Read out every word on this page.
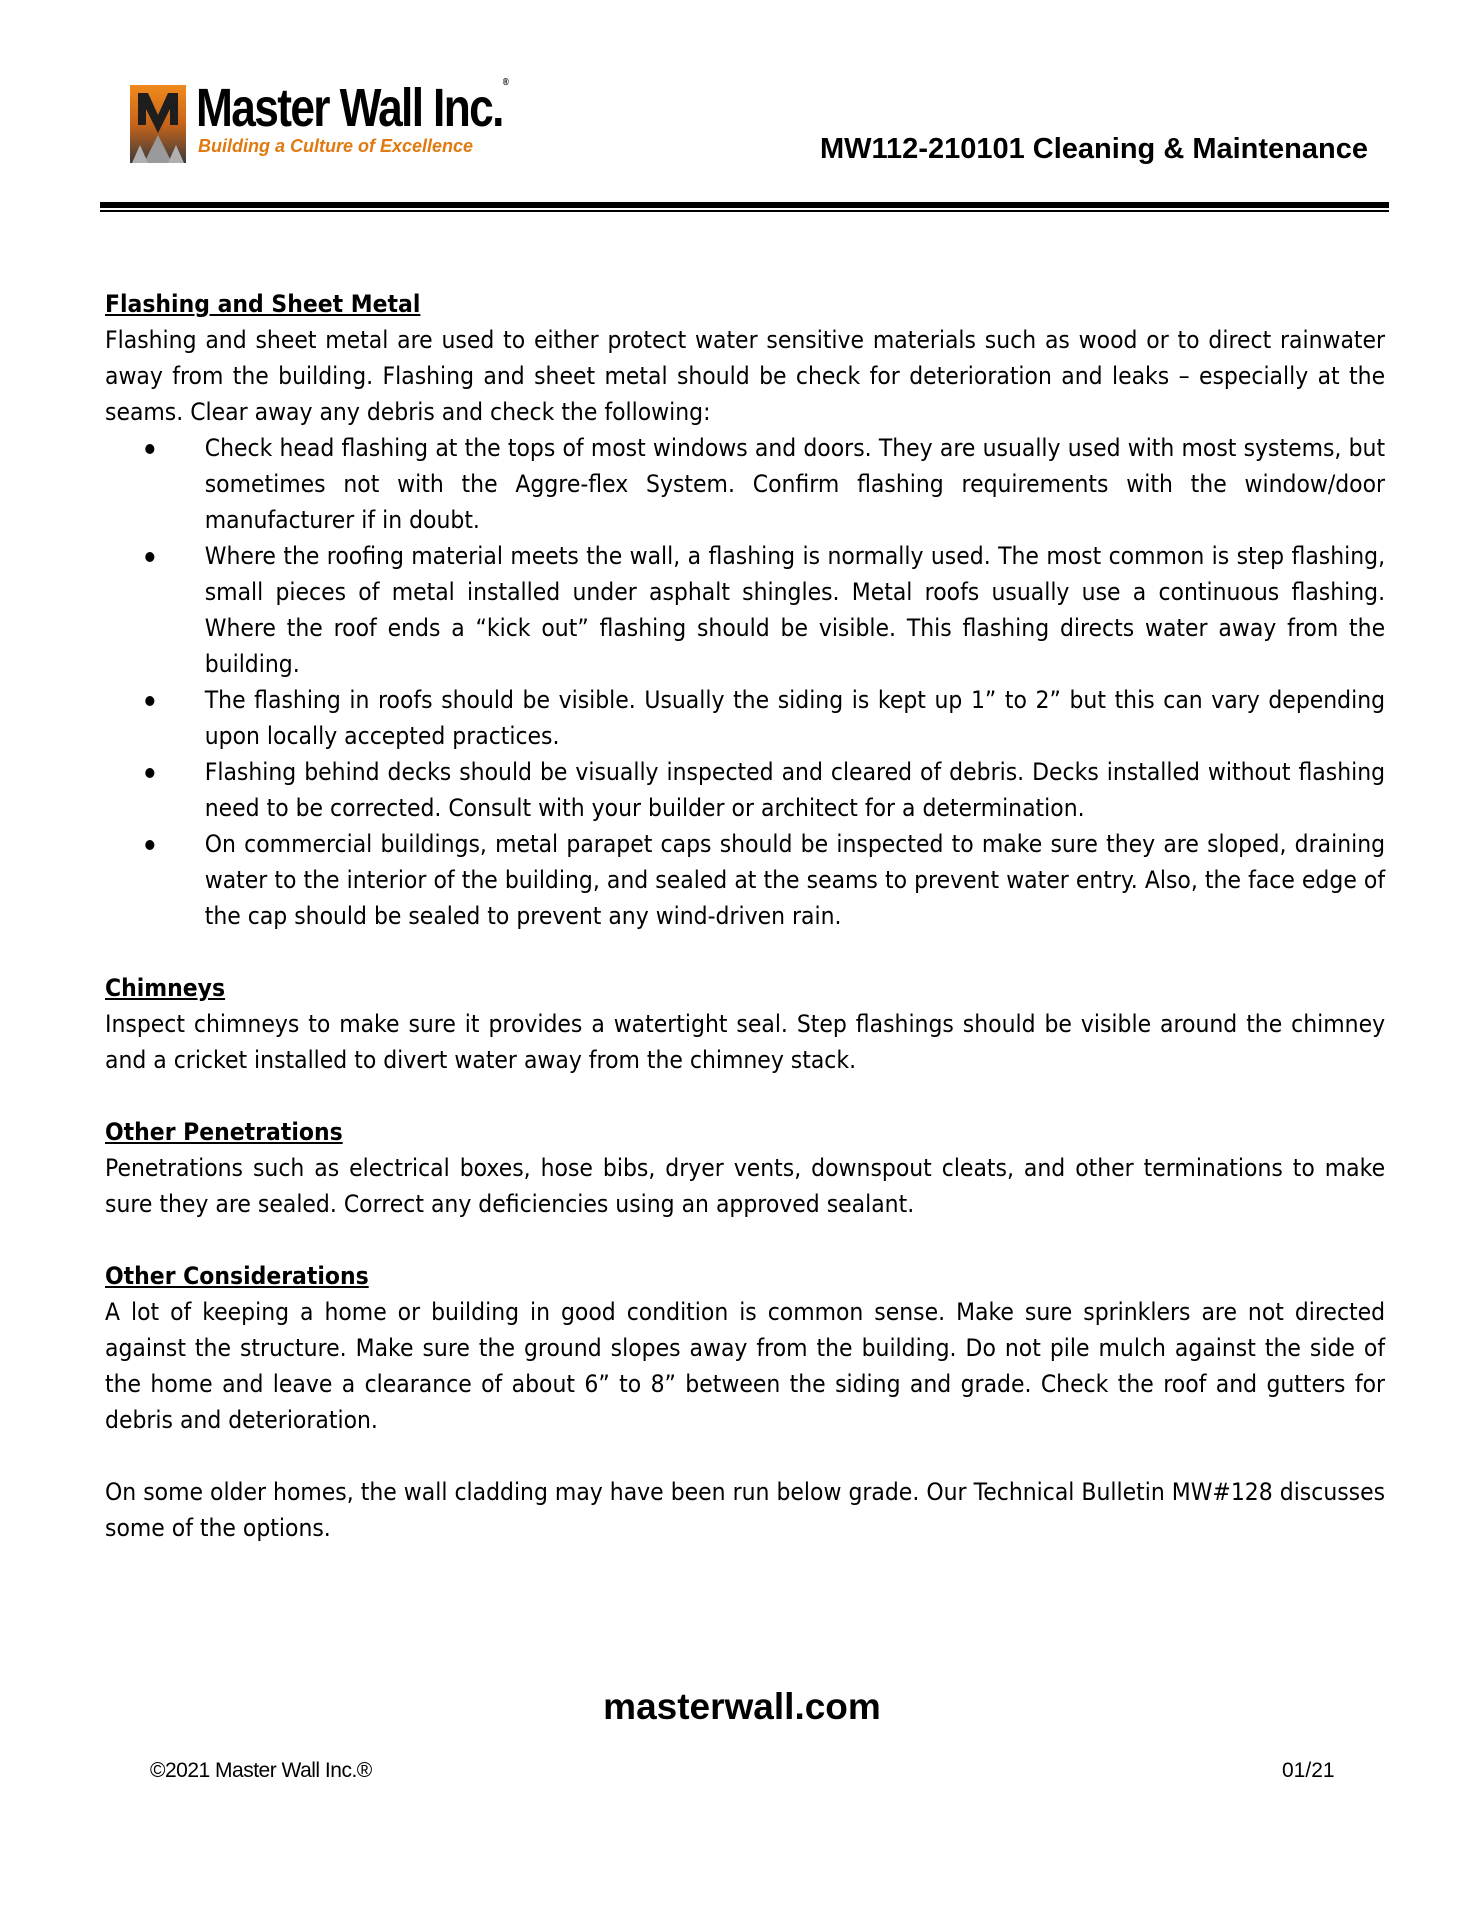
Master Wall Inc.®
Building a Culture of Excellence	MW112-210101 Cleaning & Maintenance
Flashing and Sheet Metal

Flashing and sheet metal are used to either protect water sensitive materials such as wood or to direct rainwater away from the building. Flashing and sheet metal should be check for deterioration and leaks – especially at the seams. Clear away any debris and check the following:

Check head flashing at the tops of most windows and doors. They are usually used with most systems, but sometimes not with the Aggre-flex System. Confirm flashing requirements with the window/door manufacturer if in doubt.
Where the roofing material meets the wall, a flashing is normally used. The most common is step flashing, small pieces of metal installed under asphalt shingles. Metal roofs usually use a continuous flashing. Where the roof ends a “kick out” flashing should be visible. This flashing directs water away from the building.
The flashing in roofs should be visible. Usually the siding is kept up 1” to 2” but this can vary depending upon locally accepted practices.
Flashing behind decks should be visually inspected and cleared of debris. Decks installed without flashing need to be corrected. Consult with your builder or architect for a determination.
On commercial buildings, metal parapet caps should be inspected to make sure they are sloped, draining water to the interior of the building, and sealed at the seams to prevent water entry. Also, the face edge of the cap should be sealed to prevent any wind-driven rain.
Chimneys

Inspect chimneys to make sure it provides a watertight seal. Step flashings should be visible around the chimney and a cricket installed to divert water away from the chimney stack.

Other Penetrations

Penetrations such as electrical boxes, hose bibs, dryer vents, downspout cleats, and other terminations to make sure they are sealed. Correct any deficiencies using an approved sealant.

Other Considerations

A lot of keeping a home or building in good condition is common sense. Make sure sprinklers are not directed against the structure. Make sure the ground slopes away from the building. Do not pile mulch against the side of the home and leave a clearance of about 6” to 8” between the siding and grade. Check the roof and gutters for debris and deterioration.

On some older homes, the wall cladding may have been run below grade. Our Technical Bulletin MW#128 discusses some of the options.

masterwall.com
©2021 Master Wall Inc.®	01/21
